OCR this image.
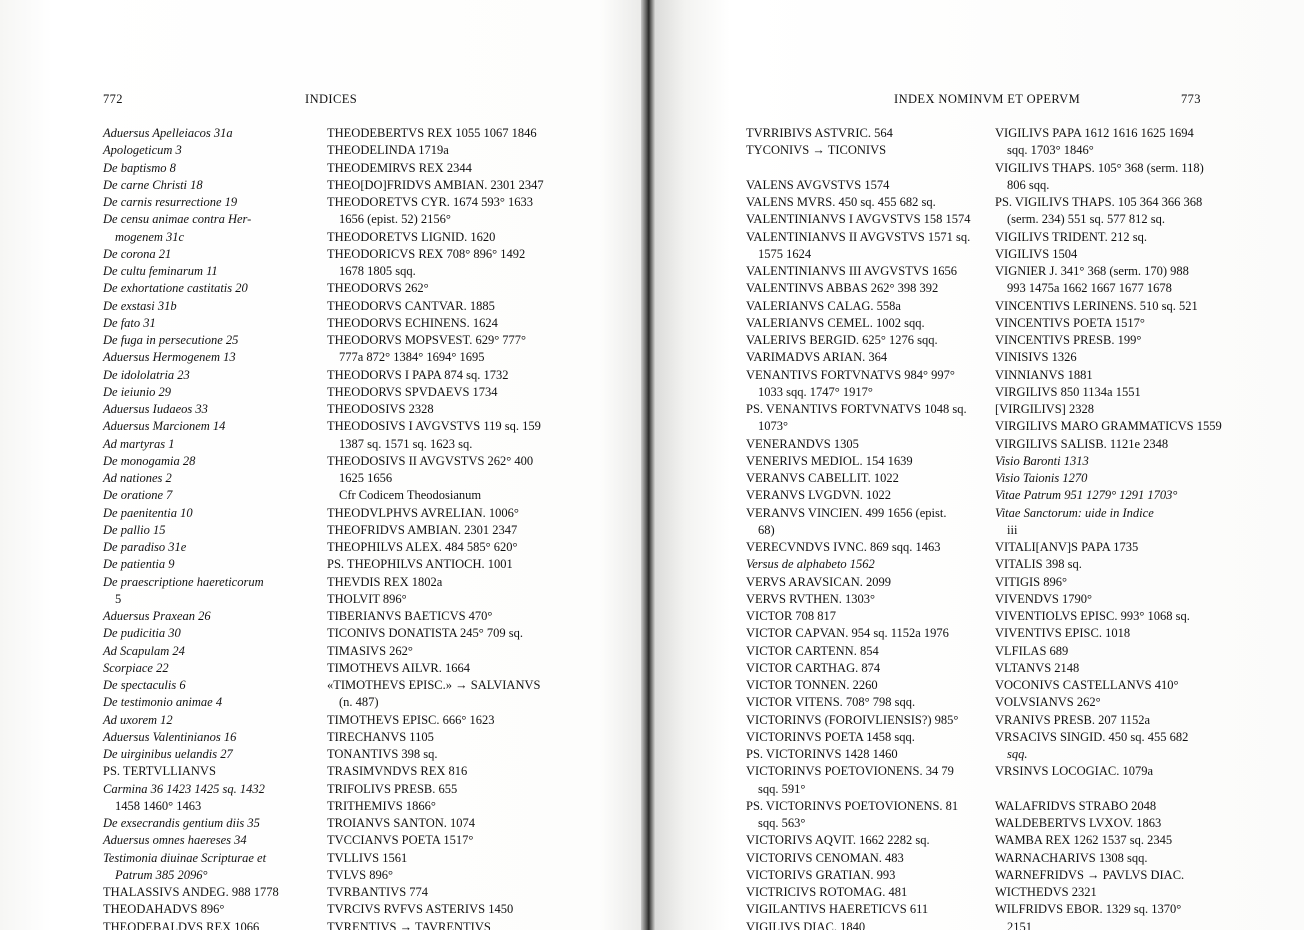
772	INDICES
Aduersus Apelleiacos 31a
Apologeticum 3
De baptismo 8
De carne Christi 18
De carnis resurrectione 19
De censu animae contra Her-
mogenem 31c
De corona 21
De cultu feminarum 11
De exhortatione castitatis 20
De exstasi 31b
De fato 31
De fuga in persecutione 25
Aduersus Hermogenem 13
De idololatria 23
De ieiunio 29
Aduersus Iudaeos 33
Aduersus Marcionem 14
Ad martyras 1
De monogamia 28
Ad nationes 2
De oratione 7
De paenitentia 10
De pallio 15
De paradiso 31e
De patientia 9
De praescriptione haereticorum
5
Aduersus Praxean 26
De pudicitia 30
Ad Scapulam 24
Scorpiace 22
De spectaculis 6
De testimonio animae 4
Ad uxorem 12
Aduersus Valentinianos 16
De uirginibus uelandis 27
PS. TERTVLLIANVS
Carmina 36 1423 1425 sq. 1432
1458 1460° 1463
De exsecrandis gentium diis 35
Aduersus omnes haereses 34
Testimonia diuinae Scripturae et
Patrum 385 2096°
THALASSIVS ANDEG. 988 1778
THEODAHADVS 896°
THEODEBALDVS REX 1066
THEODEBERTVS REX 1055 1067 1846
THEODELINDA 1719a
THEODEMIRVS REX 2344
THEO[DO]FRIDVS AMBIAN. 2301 2347
THEODORETVS CYR. 1674 593° 1633
1656 (epist. 52) 2156°
THEODORETVS LIGNID. 1620
THEODORICVS REX 708° 896° 1492
1678 1805 sqq.
THEODORVS 262°
THEODORVS CANTVAR. 1885
THEODORVS ECHINENS. 1624
THEODORVS MOPSVEST. 629° 777°
777a 872° 1384° 1694° 1695
THEODORVS I PAPA 874 sq. 1732
THEODORVS SPVDAEVS 1734
THEODOSIVS 2328
THEODOSIVS I AVGVSTVS 119 sq. 159
1387 sq. 1571 sq. 1623 sq.
THEODOSIVS II AVGVSTVS 262° 400
1625 1656
Cfr Codicem Theodosianum
THEODVLPHVS AVRELIAN. 1006°
THEOFRIDVS AMBIAN. 2301 2347
THEOPHILVS ALEX. 484 585° 620°
PS. THEOPHILVS ANTIOCH. 1001
THEVDIS REX 1802a
THOLVIT 896°
TIBERIANVS BAETICVS 470°
TICONIVS DONATISTA 245° 709 sq.
TIMASIVS 262°
TIMOTHEVS AILVR. 1664
«TIMOTHEVS EPISC.» → SALVIANVS
(n. 487)
TIMOTHEVS EPISC. 666° 1623
TIRECHANVS 1105
TONANTIVS 398 sq.
TRASIMVNDVS REX 816
TRIFOLIVS PRESB. 655
TRITHEMIVS 1866°
TROIANVS SANTON. 1074
TVCCIANVS POETA 1517°
TVLLIVS 1561
TVLVS 896°
TVRBANTIVS 774
TVRCIVS RVFVS ASTERIVS 1450
TVRENTIVS → TAVRENTIVS
INDEX NOMINVM ET OPERVM	773
TVRRIBIVS ASTVRIC. 564
TYCONIVS → TICONIVS
VALENS AVGVSTVS 1574
VALENS MVRS. 450 sq. 455 682 sq.
VALENTINIANVS I AVGVSTVS 158 1574
VALENTINIANVS II AVGVSTVS 1571 sq.
1575 1624
VALENTINIANVS III AVGVSTVS 1656
VALENTINVS ABBAS 262° 398 392
VALERIANVS CALAG. 558a
VALERIANVS CEMEL. 1002 sqq.
VALERIVS BERGID. 625° 1276 sqq.
VARIMADVS ARIAN. 364
VENANTIVS FORTVNATVS 984° 997°
1033 sqq. 1747° 1917°
PS. VENANTIVS FORTVNATVS 1048 sq.
1073°
VENERANDVS 1305
VENERIVS MEDIOL. 154 1639
VERANVS CABELLIT. 1022
VERANVS LVGDVN. 1022
VERANVS VINCIEN. 499 1656 (epist.
68)
VERECVNDVS IVNC. 869 sqq. 1463
Versus de alphabeto 1562
VERVS ARAVSICAN. 2099
VERVS RVTHEN. 1303°
VICTOR 708 817
VICTOR CAPVAN. 954 sq. 1152a 1976
VICTOR CARTENN. 854
VICTOR CARTHAG. 874
VICTOR TONNEN. 2260
VICTOR VITENS. 708° 798 sqq.
VICTORINVS (FOROIVLIENSIS?) 985°
VICTORINVS POETA 1458 sqq.
PS. VICTORINVS 1428 1460
VICTORINVS POETOVIONENS. 34 79
sqq. 591°
PS. VICTORINVS POETOVIONENS. 81
sqq. 563°
VICTORIVS AQVIT. 1662 2282 sq.
VICTORIVS CENOMAN. 483
VICTORIVS GRATIAN. 993
VICTRICIVS ROTOMAG. 481
VIGILANTIVS HAERETICVS 611
VIGILIVS DIAC. 1840
VIGILIVS PAPA 1612 1616 1625 1694
sqq. 1703° 1846°
VIGILIVS THAPS. 105° 368 (serm. 118)
806 sqq.
PS. VIGILIVS THAPS. 105 364 366 368
(serm. 234) 551 sq. 577 812 sq.
VIGILIVS TRIDENT. 212 sq.
VIGILIVS 1504
VIGNIER J. 341° 368 (serm. 170) 988
993 1475a 1662 1667 1677 1678
VINCENTIVS LERINENS. 510 sq. 521
VINCENTIVS POETA 1517°
VINCENTIVS PRESB. 199°
VINISIVS 1326
VINNIANVS 1881
VIRGILIVS 850 1134a 1551
[VIRGILIVS] 2328
VIRGILIVS MARO GRAMMATICVS 1559
VIRGILIVS SALISB. 1121e 2348
Visio Baronti 1313
Visio Taionis 1270
Vitae Patrum 951 1279° 1291 1703°
Vitae Sanctorum: uide in Indice
iii
VITALI[ANV]S PAPA 1735
VITALIS 398 sq.
VITIGIS 896°
VIVENDVS 1790°
VIVENTIOLVS EPISC. 993° 1068 sq.
VIVENTIVS EPISC. 1018
VLFILAS 689
VLTANVS 2148
VOCONIVS CASTELLANVS 410°
VOLVSIANVS 262°
VRANIVS PRESB. 207 1152a
VRSACIVS SINGID. 450 sq. 455 682
sqq.
VRSINVS LOCOGIAC. 1079a
WALAFRIDVS STRABO 2048
WALDEBERTVS LVXOV. 1863
WAMBA REX 1262 1537 sq. 2345
WARNACHARIVS 1308 sqq.
WARNEFRIDVS → PAVLVS DIAC.
WICTHEDVS 2321
WILFRIDVS EBOR. 1329 sq. 1370°
2151
